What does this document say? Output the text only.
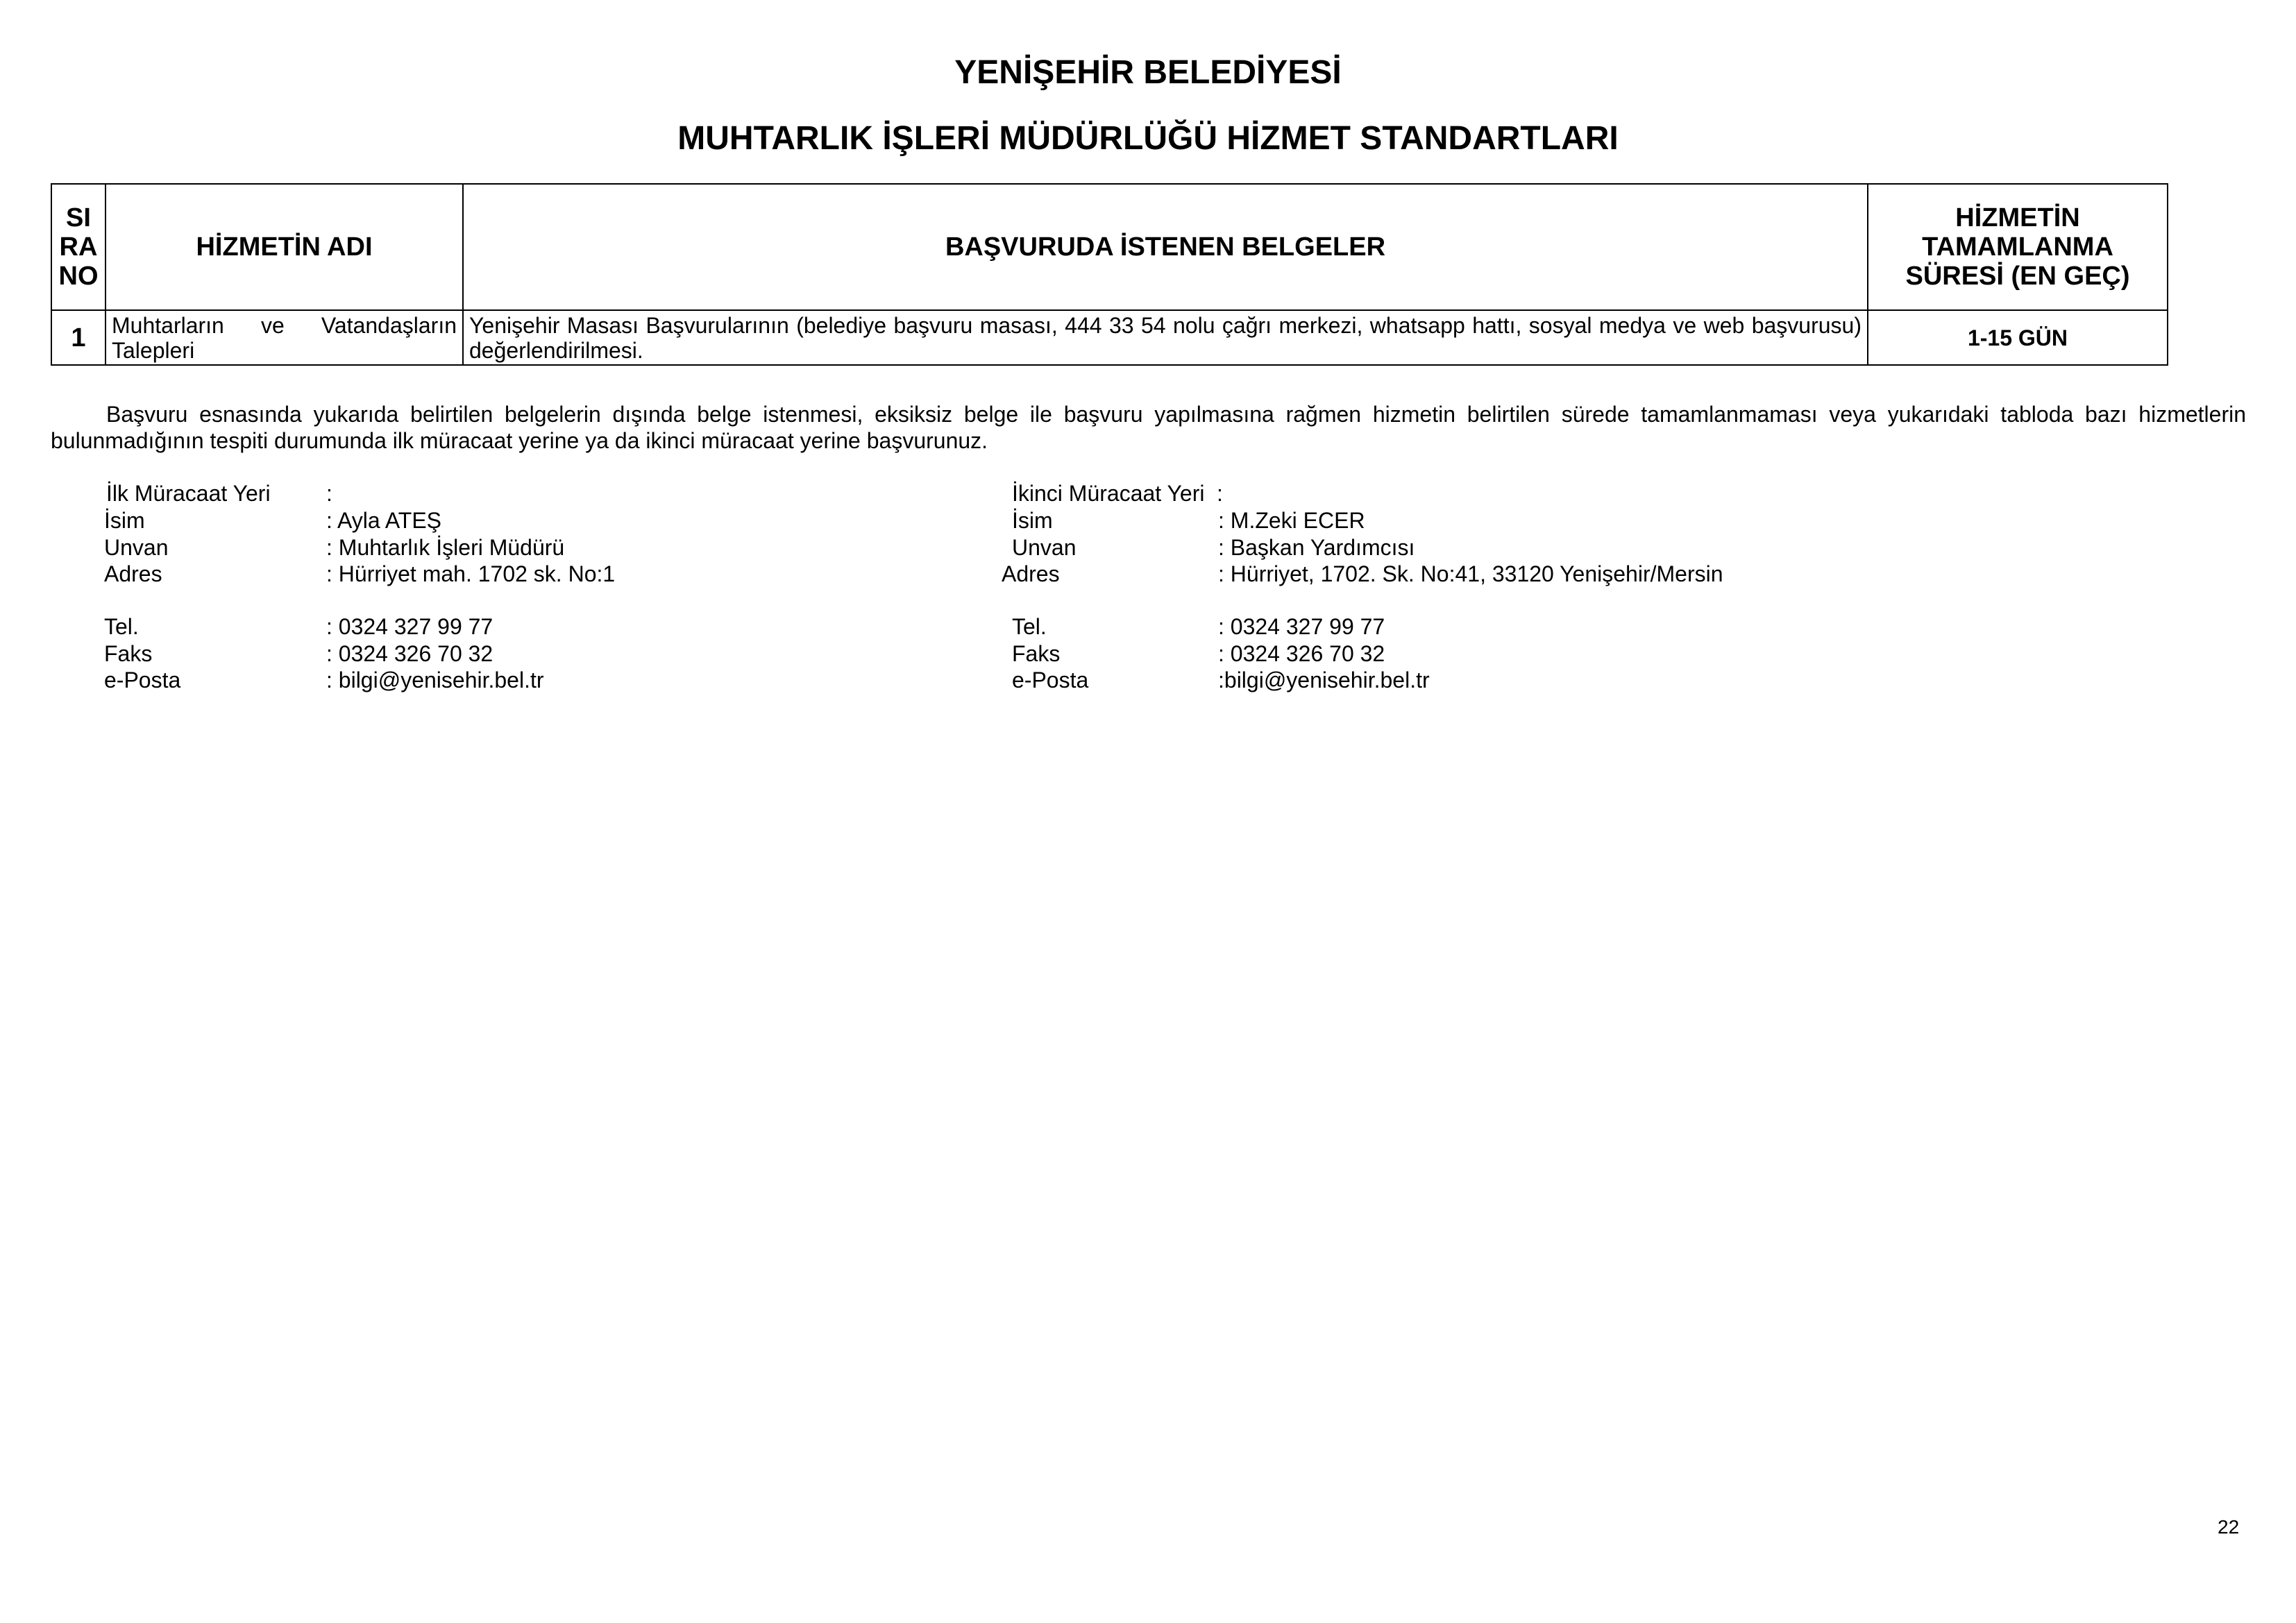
YENİŞEHİR BELEDİYESİ
MUHTARLIK İŞLERİ MÜDÜRLÜĞÜ HİZMET STANDARTLARI
SI RA NO	HİZMETİN ADI	BAŞVURUDA İSTENEN BELGELER	HİZMETİN TAMAMLANMA SÜRESİ (EN GEÇ)
1	Muhtarların ve Vatandaşların Talepleri	Yenişehir Masası Başvurularının (belediye başvuru masası, 444 33 54 nolu çağrı merkezi, whatsapp hattı, sosyal medya ve web başvurusu) değerlendirilmesi.	1-15 GÜN
Başvuru esnasında yukarıda belirtilen belgelerin dışında belge istenmesi, eksiksiz belge ile başvuru yapılmasına rağmen hizmetin belirtilen sürede tamamlanmaması veya yukarıdaki tabloda bazı hizmetlerin bulunmadığının tespiti durumunda ilk müracaat yerine ya da ikinci müracaat yerine başvurunuz.
İlk Müracaat Yeri	:
İsim	: Ayla ATEŞ
Unvan	: Muhtarlık İşleri Müdürü
Adres	: Hürriyet mah. 1702 sk. No:1
Tel.	: 0324 327 99 77
Faks	: 0324 326 70 32
e-Posta	: bilgi@yenisehir.bel.tr
İkinci Müracaat Yeri :
İsim	: M.Zeki ECER
Unvan	: Başkan Yardımcısı
Adres	: Hürriyet, 1702. Sk. No:41, 33120 Yenişehir/Mersin
Tel.	: 0324 327 99 77
Faks	: 0324 326 70 32
e-Posta	:bilgi@yenisehir.bel.tr
22
